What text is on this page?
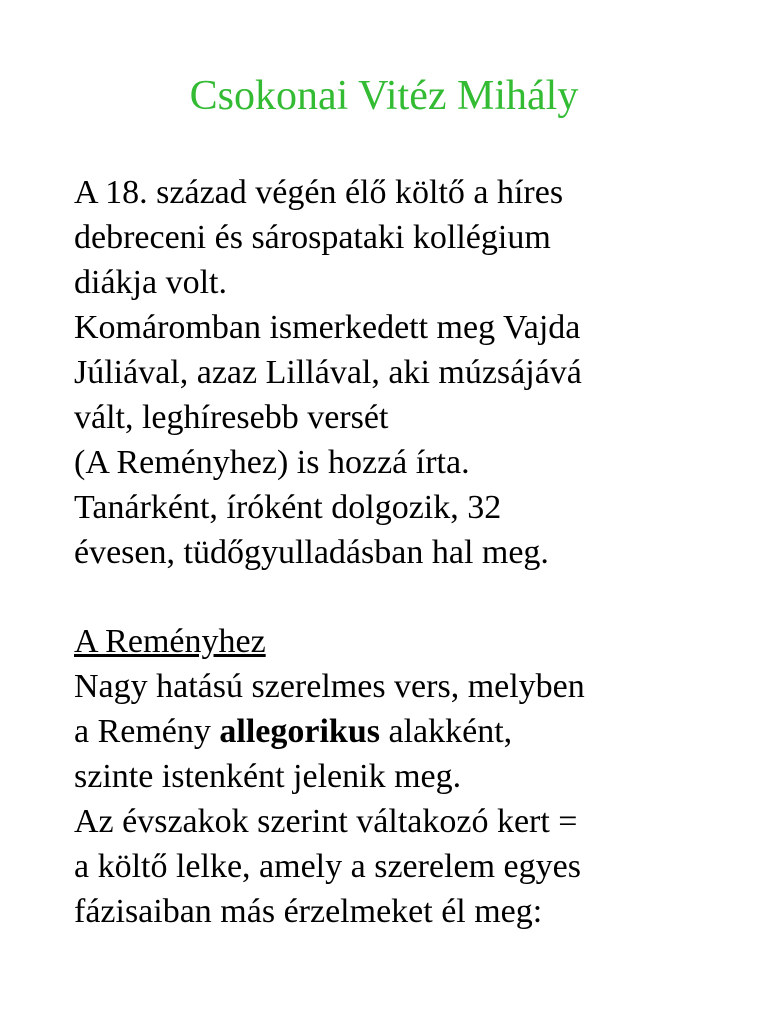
Csokonai Vitéz Mihály

A 18. század végén élő költő a híres

debreceni és sárospataki kollégium

diákja volt.

Komáromban ismerkedett meg Vajda

Júliával, azaz Lillával, aki múzsájává

vált, leghíresebb versét

(A Reményhez) is hozzá írta.

Tanárként, íróként dolgozik, 32

évesen, tüdőgyulladásban hal meg.

A Reményhez

Nagy hatású szerelmes vers, melyben

a Remény allegorikus alakként,

szinte istenként jelenik meg.

Az évszakok szerint váltakozó kert =

a költő lelke, amely a szerelem egyes

fázisaiban más érzelmeket él meg:
